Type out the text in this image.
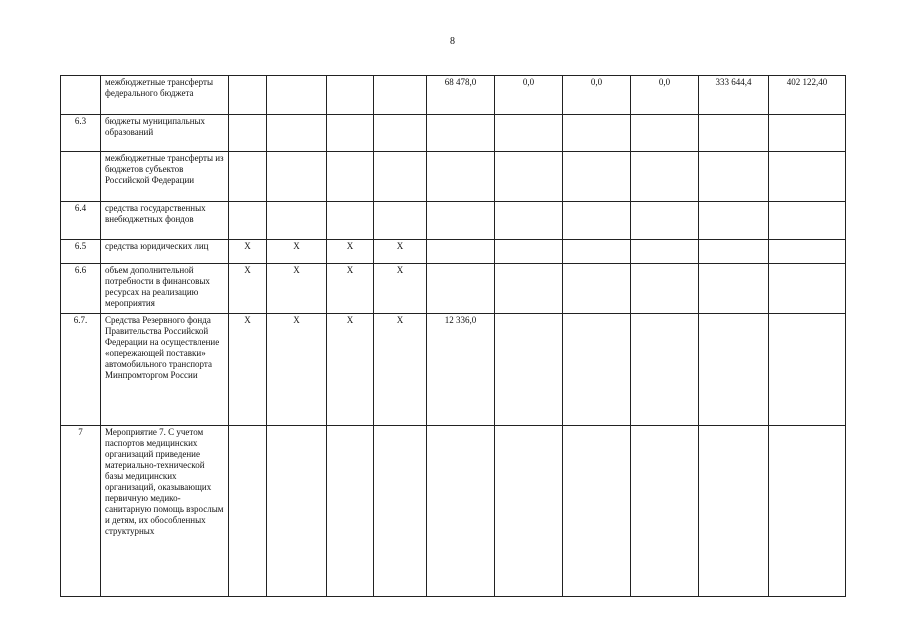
8
	межбюджетные трансферты федерального бюджета					68 478,0	0,0	0,0	0,0	333 644,4	402 122,40
6.3	бюджеты муниципальных образований										
	межбюджетные трансферты из бюджетов субъектов Российской Федерации										
6.4	средства государственных внебюджетных фондов										
6.5	средства юридических лиц	X	X	X	X						
6.6	объем дополнительной потребности в финансовых ресурсах на реализацию мероприятия	X	X	X	X						
6.7.	Средства Резервного фонда Правительства Российской Федерации на осуществление «опережающей поставки» автомобильного транспорта Минпромторгом России	X	X	X	X	12 336,0					
7	Мероприятие 7. С учетом паспортов медицинских организаций приведение материально-технической базы медицинских организаций, оказывающих первичную медико-санитарную помощь взрослым и детям, их обособленных структурных										
